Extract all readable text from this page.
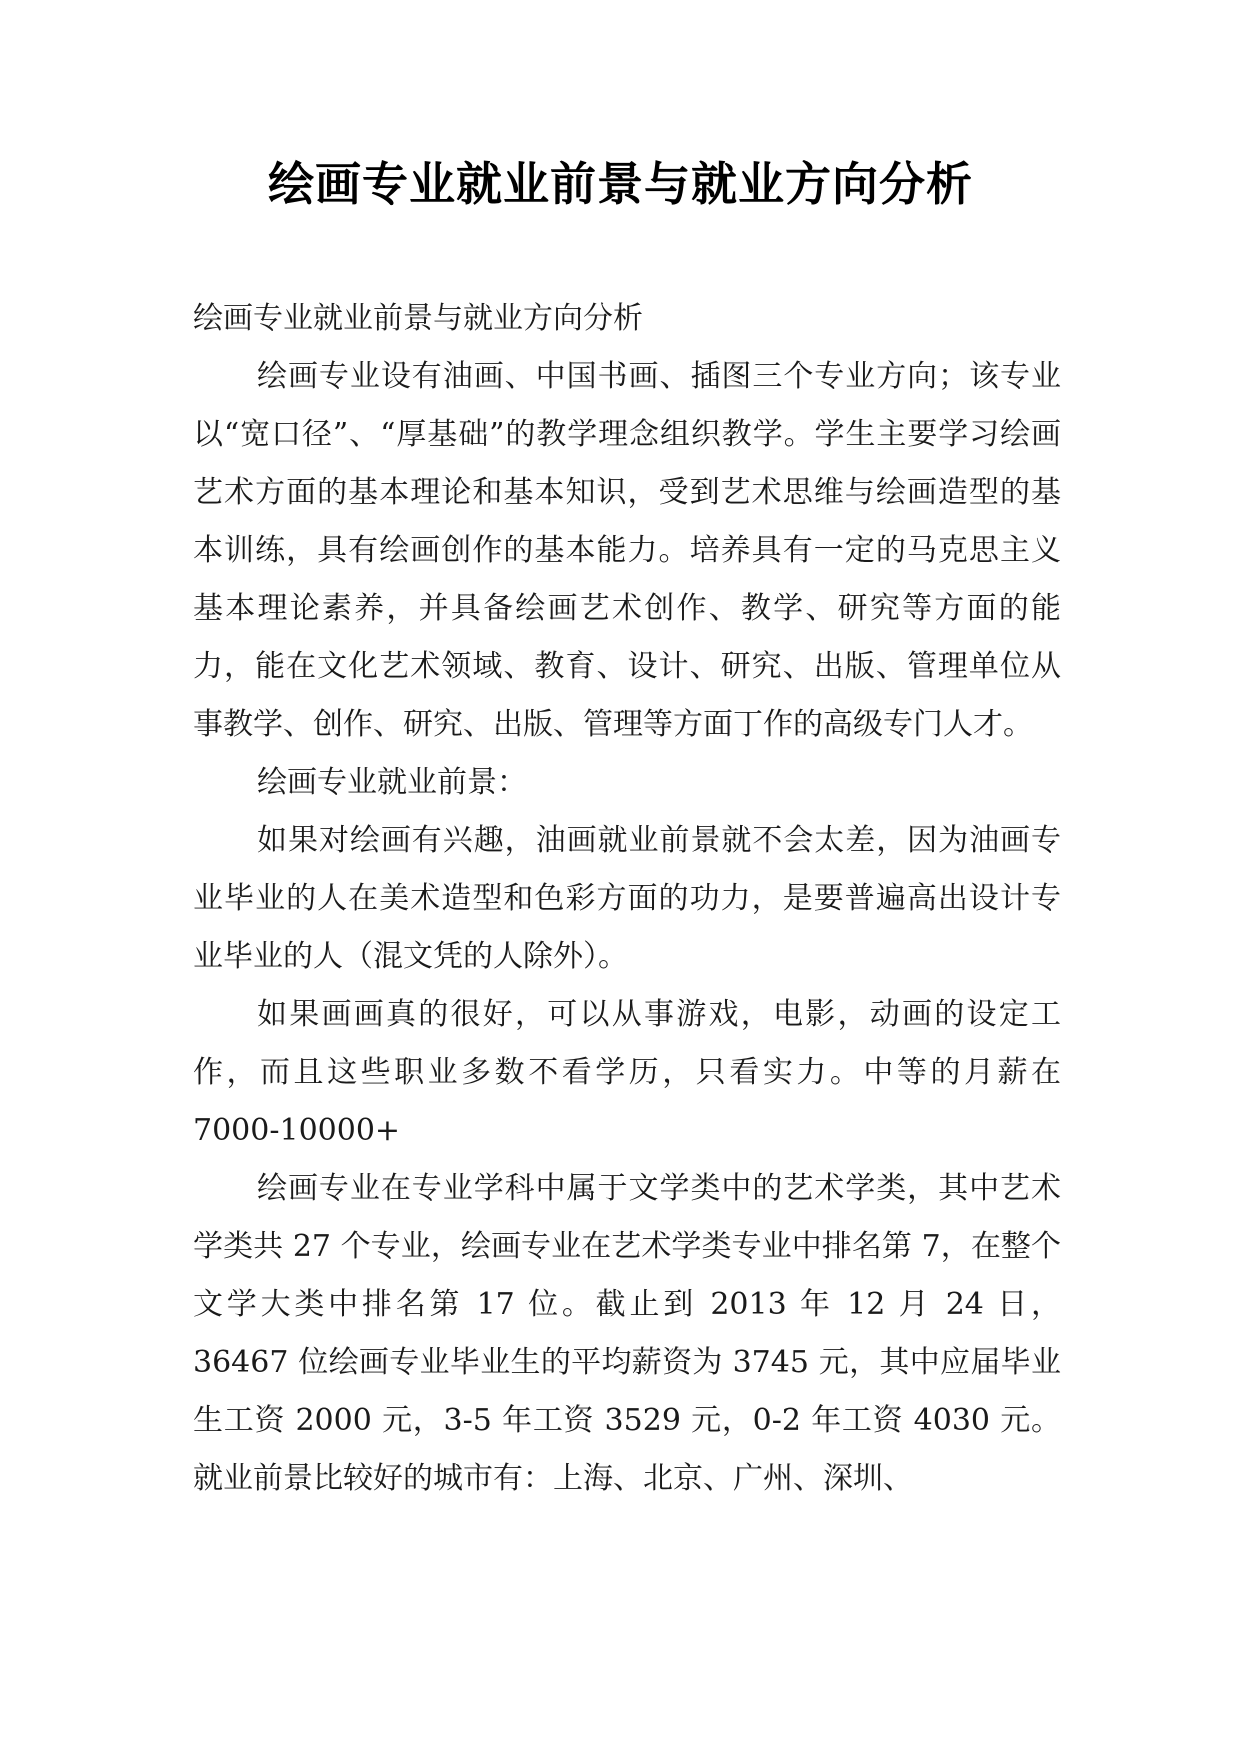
绘画专业就业前景与就业方向分析

绘画专业就业前景与就业方向分析

绘画专业设有油画、中国书画、插图三个专业方向；该专业以“宽口径”、“厚基础”的教学理念组织教学。学生主要学习绘画艺术方面的基本理论和基本知识，受到艺术思维与绘画造型的基本训练，具有绘画创作的基本能力。培养具有一定的马克思主义基本理论素养，并具备绘画艺术创作、教学、研究等方面的能力，能在文化艺术领域、教育、设计、研究、出版、管理单位从事教学、创作、研究、出版、管理等方面丁作的高级专门人才。

绘画专业就业前景：

如果对绘画有兴趣，油画就业前景就不会太差，因为油画专业毕业的人在美术造型和色彩方面的功力，是要普遍高出设计专业毕业的人（混文凭的人除外）。

如果画画真的很好，可以从事游戏，电影，动画的设定工作，而且这些职业多数不看学历，只看实力。中等的月薪在 7000-10000+

绘画专业在专业学科中属于文学类中的艺术学类，其中艺术学类共 27 个专业，绘画专业在艺术学类专业中排名第 7，在整个文学大类中排名第 17 位。截止到 2013 年 12 月 24 日，36467 位绘画专业毕业生的平均薪资为 3745 元，其中应届毕业生工资 2000 元，3-5 年工资 3529 元，0-2 年工资 4030 元。就业前景比较好的城市有：上海、北京、广州、深圳、
